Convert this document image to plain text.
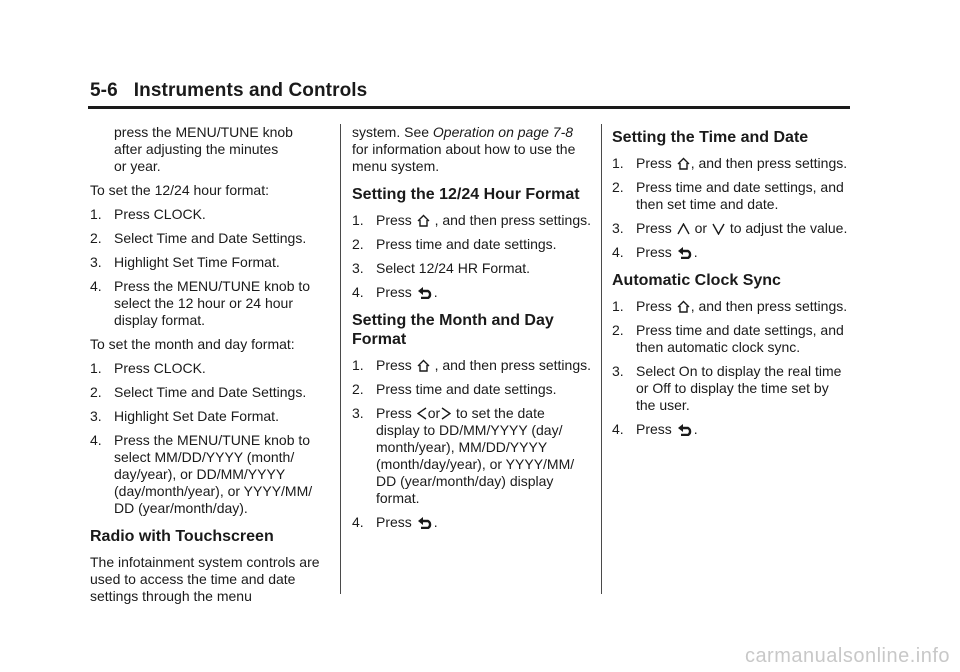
5-6 Instruments and Controls

press the MENU/TUNE knob
after adjusting the minutes
or year.

To set the 12/24 hour format:

1. Press CLOCK.
2. Select Time and Date Settings.
3. Highlight Set Time Format.
4. Press the MENU/TUNE knob to select the 12 hour or 24 hour display format.

To set the month and day format:

1. Press CLOCK.
2. Select Time and Date Settings.
3. Highlight Set Date Format.
4. Press the MENU/TUNE knob to select MM/DD/YYYY (month/ day/year), or DD/MM/YYYY (day/month/year), or YYYY/MM/ DD (year/month/day).
Radio with Touchscreen

The infotainment system controls are used to access the time and date settings through the menu

system. See Operation on page 7-8 for information about how to use the menu system.

Setting the 12/24 Hour Format
1. Press , and then press settings.
2. Press time and date settings.
3. Select 12/24 HR Format.
4. Press .
Setting the Month and Day Format
1. Press , and then press settings.
2. Press time and date settings.
3. Press or to set the date display to DD/MM/YYYY (day/ month/year), MM/DD/YYYY (month/day/year), or YYYY/MM/ DD (year/month/day) display format.
4. Press .
Setting the Time and Date
1. Press , and then press settings.
2. Press time and date settings, and then set time and date.
3. Press or to adjust the value.
4. Press .
Automatic Clock Sync
1. Press , and then press settings.
2. Press time and date settings, and then automatic clock sync.
3. Select On to display the real time or Off to display the time set by the user.
4. Press .
carmanualsonline.info
